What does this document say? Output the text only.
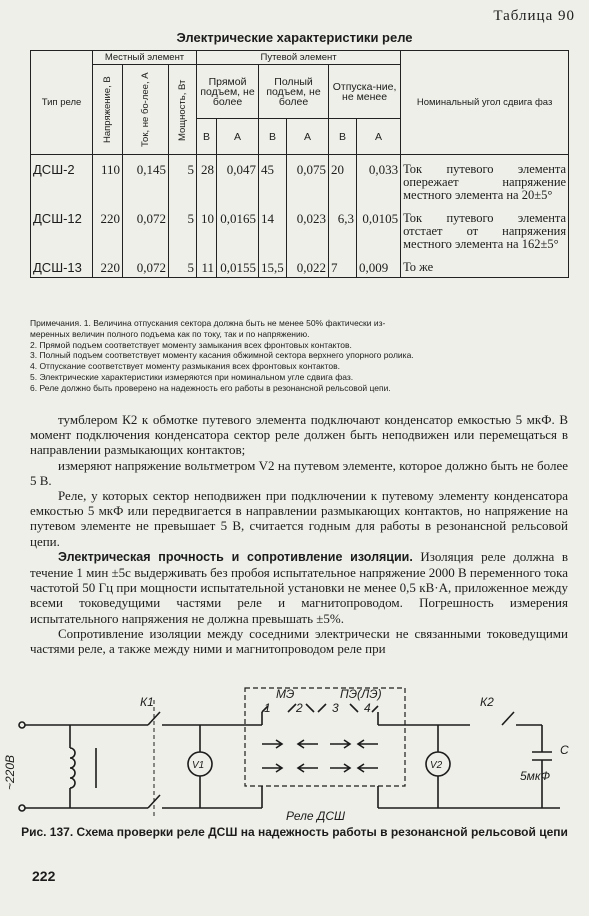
Таблица 90
Электрические характеристики реле
Тип реле	Местный элемент			Путевой элемент						Номинальный угол сдвига фаз

	Напряжение, В	Ток, не бо-лее, А	Мощность, Вт	Прямой подъем, не более		Полный подъем, не более		Отпуска-ние, не менее		
				В	А	В	А	В	А	
ДСШ-2	110	0,145	5	28	0,047	45	0,075	20	0,033	Ток путевого элемента опережает напряжение местного элемента на 20±5°
ДСШ-12	220	0,072	5	10	0,0165	14	0,023	6,3	0,0105	Ток путевого элемента отстает от напряжения местного элемента на 162±5°
ДСШ-13	220	0,072	5	11	0,0155	15,5	0,022	7	0,009	То же
Примечания. 1. Величина отпускания сектора должна быть не менее 50% фактически из-
меренных величин полного подъема как по току, так и по напряжению.
2. Прямой подъем соответствует моменту замыкания всех фронтовых контактов.
3. Полный подъем соответствует моменту касания обжимной сектора верхнего упорного ролика.
4. Отпускание соответствует моменту размыкания всех фронтовых контактов.
5. Электрические характеристики измеряются при номинальном угле сдвига фаз.
6. Реле должно быть проверено на надежность его работы в резонансной рельсовой цепи.

тумблером К2 к обмотке путевого элемента подключают конденсатор емкостью 5 мкФ. В момент подключения конденсатора сектор реле должен быть неподвижен или перемещаться в направлении размыкающих контактов;

измеряют напряжение вольтметром V2 на путевом элементе, которое должно быть не более 5 В.

Реле, у которых сектор неподвижен при подключении к путевому элементу конденсатора емкостью 5 мкФ или передвигается в направлении размыкающих контактов, но напряжение на путевом элементе не превышает 5 В, считается годным для работы в резонансной рельсовой цепи.

Электрическая прочность и сопротивление изоляции. Изоляция реле должна в течение 1 мин ±5с выдерживать без пробоя испытательное напряжение 2000 В переменного тока частотой 50 Гц при мощности испытательной установки не менее 0,5 кВ·А, приложенное между всеми токоведущими частями реле и магнитопроводом. Погрешность измерения испытательного напряжения не должна превышать ±5%.

Сопротивление изоляции между соседними электрически не связанными токоведущими частями реле, а также между ними и магнитопроводом реле при

~220В
К1
V1
МЭ	ПЭ(ЛЭ)
1 2 3 4
V2
К2
C
5мкФ
Реле ДСШ
Рис. 137. Схема проверки реле ДСШ на надежность работы в резонансной рельсовой цепи
222
